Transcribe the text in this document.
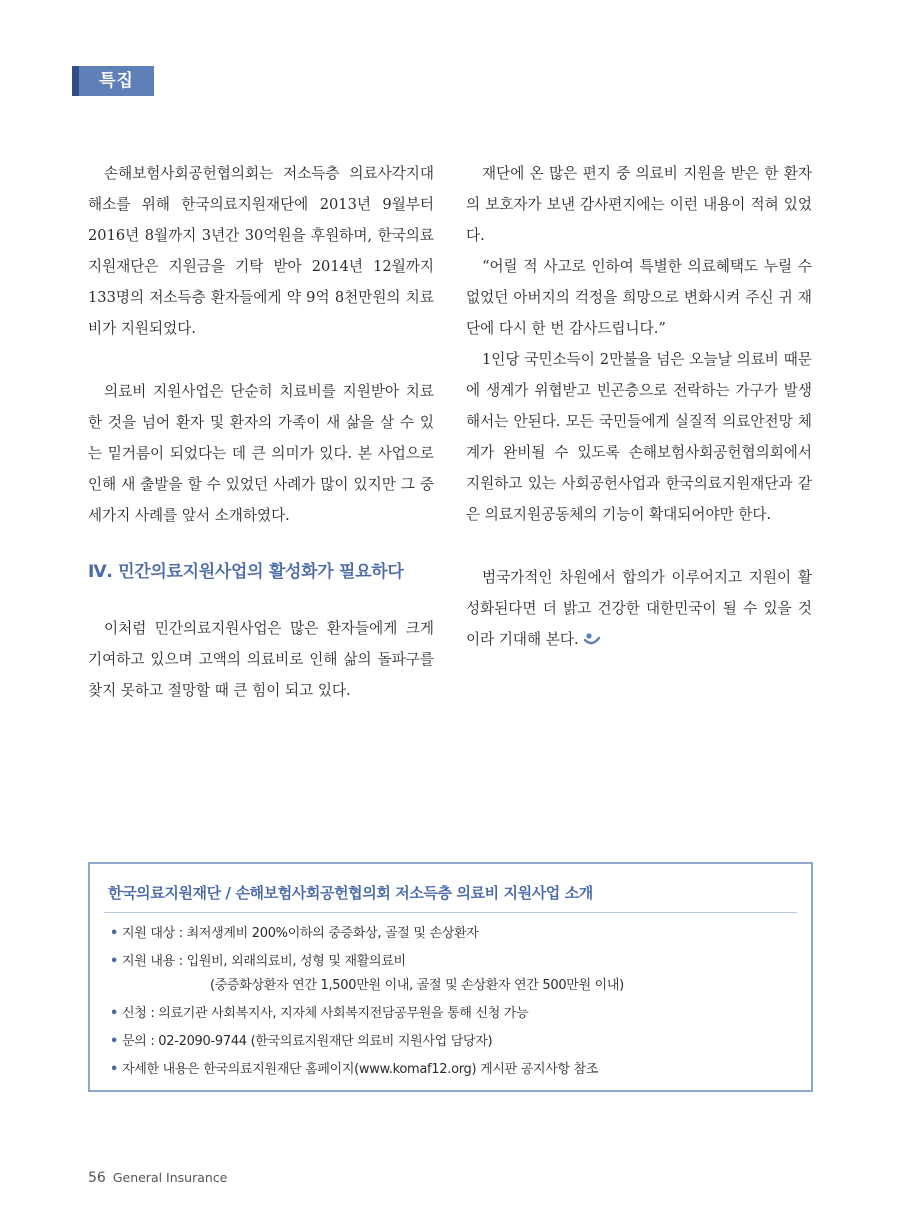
특집

손해보험사회공헌협의회는 저소득층 의료사각지대 해소를 위해 한국의료지원재단에 2013년 9월부터 2016년 8월까지 3년간 30억원을 후원하며, 한국의료지원재단은 지원금을 기탁 받아 2014년 12월까지 133명의 저소득층 환자들에게 약 9억 8천만원의 치료비가 지원되었다.

의료비 지원사업은 단순히 치료비를 지원받아 치료한 것을 넘어 환자 및 환자의 가족이 새 삶을 살 수 있는 밑거름이 되었다는 데 큰 의미가 있다. 본 사업으로 인해 새 출발을 할 수 있었던 사례가 많이 있지만 그 중 세가지 사례를 앞서 소개하였다.

Ⅳ. 민간의료지원사업의 활성화가 필요하다

이처럼 민간의료지원사업은 많은 환자들에게 크게 기여하고 있으며 고액의 의료비로 인해 삶의 돌파구를 찾지 못하고 절망할 때 큰 힘이 되고 있다.

재단에 온 많은 편지 중 의료비 지원을 받은 한 환자의 보호자가 보낸 감사편지에는 이런 내용이 적혀 있었다.

“어릴 적 사고로 인하여 특별한 의료혜택도 누릴 수 없었던 아버지의 걱정을 희망으로 변화시켜 주신 귀 재단에 다시 한 번 감사드립니다.”

1인당 국민소득이 2만불을 넘은 오늘날 의료비 때문에 생계가 위협받고 빈곤층으로 전락하는 가구가 발생해서는 안된다. 모든 국민들에게 실질적 의료안전망 체계가 완비될 수 있도록 손해보험사회공헌협의회에서 지원하고 있는 사회공헌사업과 한국의료지원재단과 같은 의료지원공동체의 기능이 확대되어야만 한다.

범국가적인 차원에서 합의가 이루어지고 지원이 활성화된다면 더 밝고 건강한 대한민국이 될 수 있을 것이라 기대해 본다.

한국의료지원재단 / 손해보험사회공헌협의회 저소득층 의료비 지원사업 소개
• 지원 대상 : 최저생계비 200%이하의 중증화상, 골절 및 손상환자
• 지원 내용 : 입원비, 외래의료비, 성형 및 재활의료비
(중증화상환자 연간 1,500만원 이내, 골절 및 손상환자 연간 500만원 이내)
• 신청 : 의료기관 사회복지사, 지자체 사회복지전담공무원을 통해 신청 가능
• 문의 : 02-2090-9744 (한국의료지원재단 의료비 지원사업 담당자)
• 자세한 내용은 한국의료지원재단 홈페이지(www.komaf12.org) 게시판 공지사항 참조
56 General Insurance
